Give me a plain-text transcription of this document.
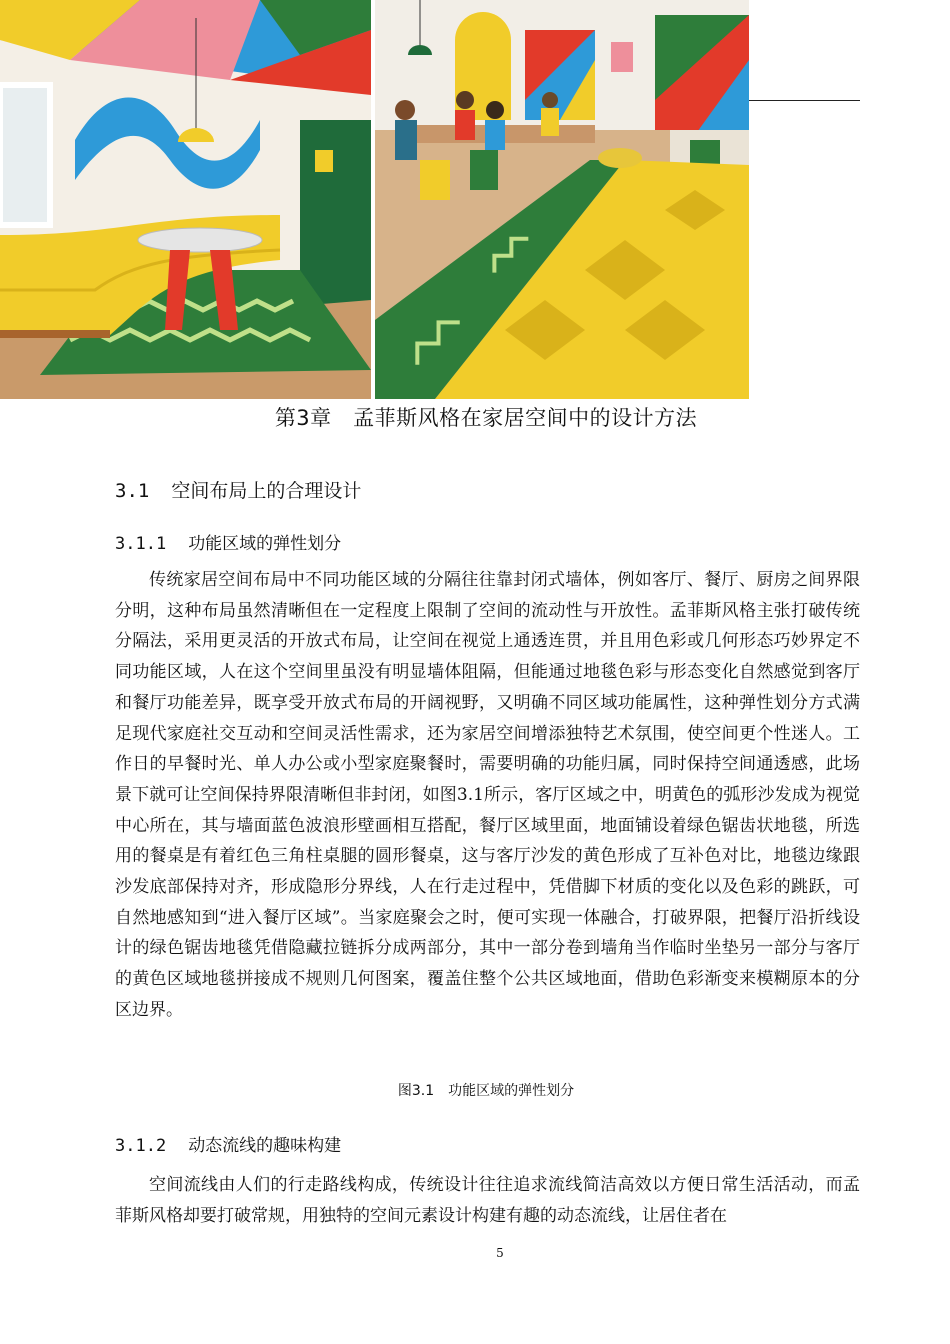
第3章　孟菲斯风格在家居空间中的设计方法
3.1 空间布局上的合理设计
3.1.1 功能区域的弹性划分

传统家居空间布局中不同功能区域的分隔往往靠封闭式墙体，例如客厅、餐厅、厨房之间界限分明，这种布局虽然清晰但在一定程度上限制了空间的流动性与开放性。孟菲斯风格主张打破传统分隔法，采用更灵活的开放式布局，让空间在视觉上通透连贯，并且用色彩或几何形态巧妙界定不同功能区域，人在这个空间里虽没有明显墙体阻隔，但能通过地毯色彩与形态变化自然感觉到客厅和餐厅功能差异，既享受开放式布局的开阔视野，又明确不同区域功能属性，这种弹性划分方式满足现代家庭社交互动和空间灵活性需求，还为家居空间增添独特艺术氛围，使空间更个性迷人。工作日的早餐时光、单人办公或小型家庭聚餐时，需要明确的功能归属，同时保持空间通透感，此场景下就可让空间保持界限清晰但非封闭，如图3.1所示，客厅区域之中，明黄色的弧形沙发成为视觉中心所在，其与墙面蓝色波浪形壁画相互搭配，餐厅区域里面，地面铺设着绿色锯齿状地毯，所选用的餐桌是有着红色三角柱桌腿的圆形餐桌，这与客厅沙发的黄色形成了互补色对比，地毯边缘跟沙发底部保持对齐，形成隐形分界线，人在行走过程中，凭借脚下材质的变化以及色彩的跳跃，可自然地感知到“进入餐厅区域”。当家庭聚会之时，便可实现一体融合，打破界限，把餐厅沿折线设计的绿色锯齿地毯凭借隐藏拉链拆分成两部分，其中一部分卷到墙角当作临时坐垫另一部分与客厅的黄色区域地毯拼接成不规则几何图案，覆盖住整个公共区域地面，借助色彩渐变来模糊原本的分区边界。

图3.1　功能区域的弹性划分
3.1.2 动态流线的趣味构建

空间流线由人们的行走路线构成，传统设计往往追求流线简洁高效以方便日常生活活动，而孟菲斯风格却要打破常规，用独特的空间元素设计构建有趣的动态流线，让居住者在

5
